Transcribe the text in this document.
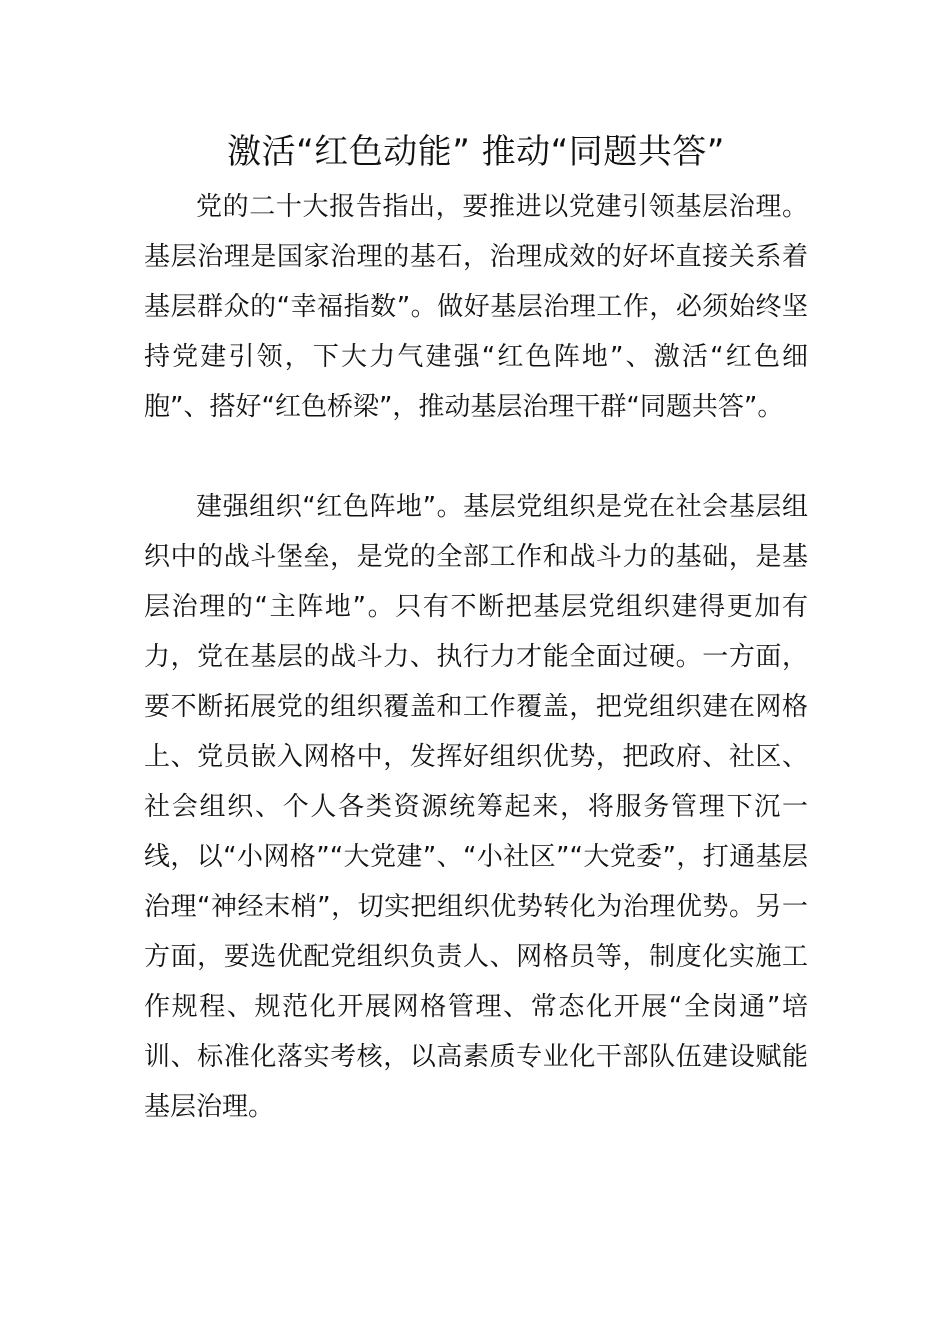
激活“红色动能” 推动“同题共答”

党的二十大报告指出，要推进以党建引领基层治理。基层治理是国家治理的基石，治理成效的好坏直接关系着基层群众的“幸福指数”。做好基层治理工作，必须始终坚持党建引领，下大力气建强“红色阵地”、激活“红色细胞”、搭好“红色桥梁”，推动基层治理干群“同题共答”。

建强组织“红色阵地”。基层党组织是党在社会基层组织中的战斗堡垒，是党的全部工作和战斗力的基础，是基层治理的“主阵地”。只有不断把基层党组织建得更加有力，党在基层的战斗力、执行力才能全面过硬。一方面，要不断拓展党的组织覆盖和工作覆盖，把党组织建在网格上、党员嵌入网格中，发挥好组织优势，把政府、社区、社会组织、个人各类资源统筹起来，将服务管理下沉一线，以“小网格”“大党建”、“小社区”“大党委”，打通基层治理“神经末梢”，切实把组织优势转化为治理优势。另一方面，要选优配党组织负责人、网格员等，制度化实施工作规程、规范化开展网格管理、常态化开展“全岗通”培训、标准化落实考核，以高素质专业化干部队伍建设赋能基层治理。
